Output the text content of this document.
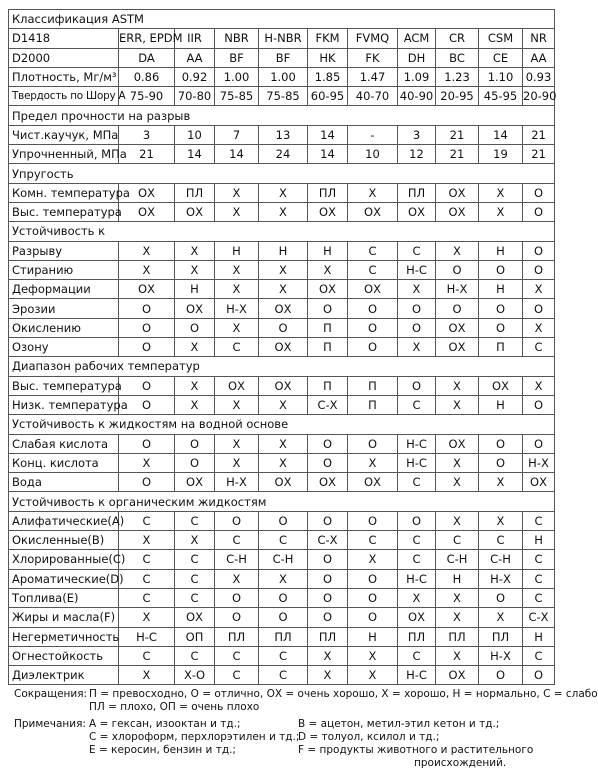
Классификация ASTM										
D1418	ERR, EPDM	IIR	NBR	H-NBR	FKM	FVMQ	ACM	CR	CSM	NR
D2000	DA	AA	BF	BF	HK	FK	DH	BC	CE	AA
Плотность, Мг/м³	0.86	0.92	1.00	1.00	1.85	1.47	1.09	1.23	1.10	0.93
Твердость по Шору А	75-90	70-80	75-85	75-85	60-95	40-70	40-90	20-95	45-95	20-90
Предел прочности на разрыв										
Чист.каучук, МПа	3	10	7	13	14	-	3	21	14	21
Упрочненный, МПа	21	14	14	24	14	10	12	21	19	21
Упругость										
Комн. температура	ОХ	ПЛ	Х	Х	ПЛ	Х	ПЛ	ОХ	Х	О
Выс. температура	ОХ	ОХ	Х	Х	ОХ	ОХ	ОХ	ОХ	Х	О
Устойчивость к										
Разрыву	Х	Х	Н	Н	Н	С	С	Х	Н	О
Стиранию	Х	Х	Х	Х	Х	С	Н-С	О	О	О
Деформации	ОХ	Н	Х	Х	ОХ	ОХ	Х	Н-Х	Н	Х
Эрозии	О	ОХ	Н-Х	ОХ	О	О	О	О	О	О
Окислению	О	О	Х	О	П	О	О	ОХ	О	Х
Озону	О	Х	С	ОХ	П	О	Х	ОХ	П	С
Диапазон рабочих температур										
Выс. температура	О	Х	ОХ	ОХ	П	П	О	Х	ОХ	Х
Низк. температура	О	Х	Х	Х	С-Х	П	С	Х	Н	О
Устойчивость к жидкостям на водной основе										
Слабая кислота	О	О	Х	Х	О	О	Н-С	ОХ	О	О
Конц. кислота	Х	О	Х	Х	О	Х	Н-С	Х	О	Н-Х
Вода	О	ОХ	Н-Х	ОХ	ОХ	ОХ	С	Х	Х	ОХ
Устойчивость к органическим жидкостям										
Алифатические(А)	С	С	О	О	О	О	О	Х	Х	С
Окисленные(В)	Х	Х	С	С	С-Х	С	С	С	С	Н
Хлорированные(С)	С	С	С-Н	С-Н	О	Х	С	С-Н	С-Н	С
Ароматические(D)	С	С	Х	Х	О	О	Н-С	Н	Н-Х	С
Топлива(E)	С	С	О	О	О	О	Х	Х	О	С
Жиры и масла(F)	Х	ОХ	О	О	О	О	ОХ	Х	Х	С-Х
Негерметичность	Н-С	ОП	ПЛ	ПЛ	ПЛ	Н	ПЛ	ПЛ	ПЛ	Н
Огнестойкость	С	С	С	С	Х	Х	С	Х	Н-Х	С
Диэлектрик	Х	Х-О	С	С	Х	Х	Н-С	ОХ	О	О
Сокращения: П = превосходно, О = отлично, ОХ = очень хорошо, Х = хорошо, Н = нормально, С = слабо
ПЛ = плохо, ОП = очень плохо
Примечания: А = гексан, изооктан и тд.;	В = ацетон, метил-этил кетон и тд.;
С = хлороформ, перхлорэтилен и тд.;
D = толуол, ксилол и тд.;
Е = керосин, бензин и тд.;	F = продукты животного и растительного
происхождений.
